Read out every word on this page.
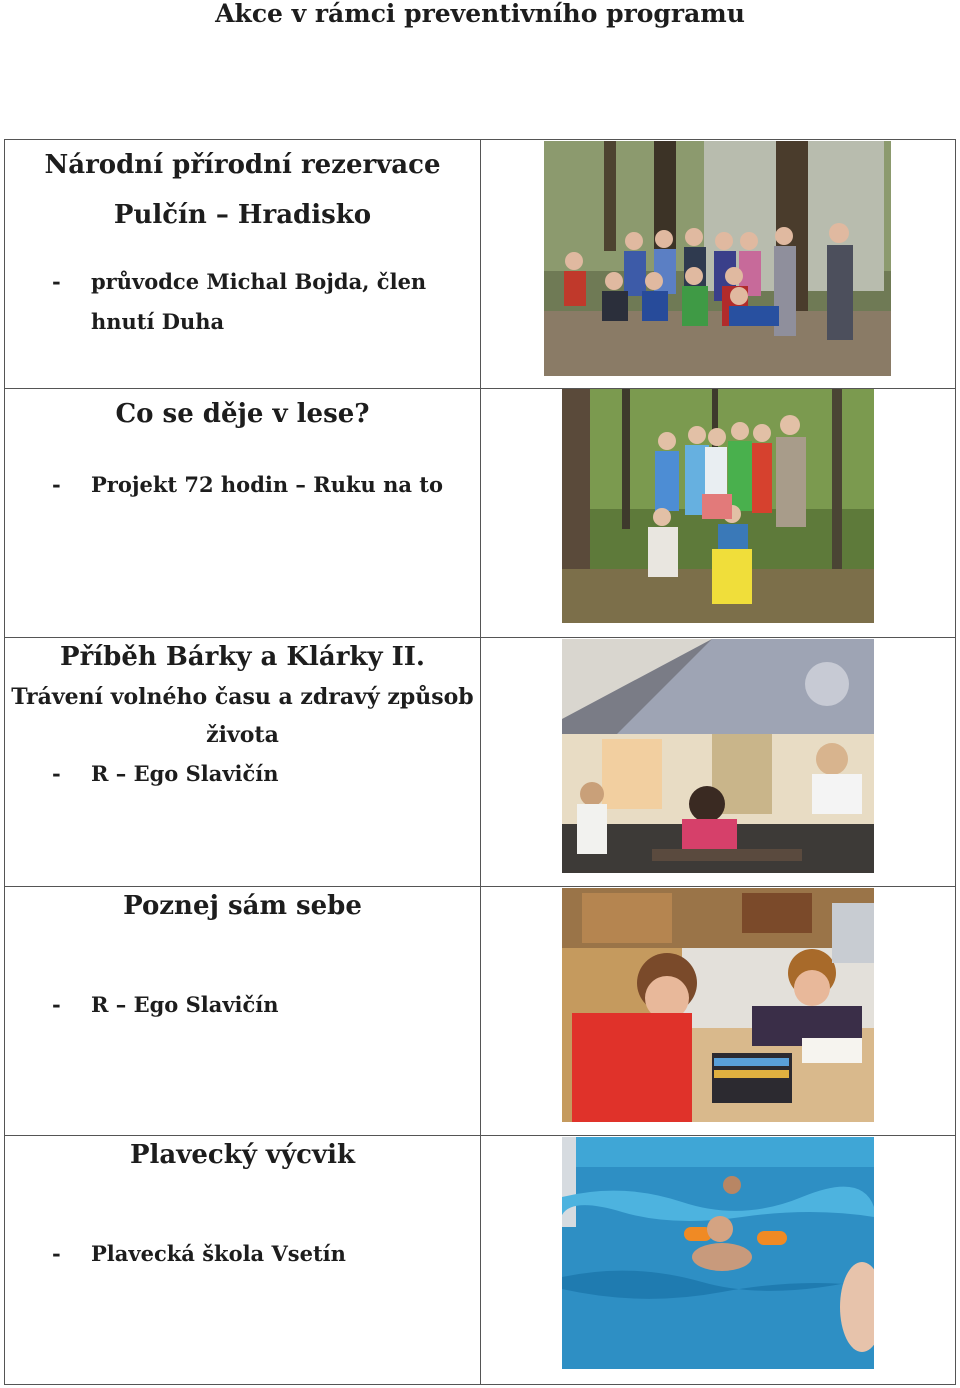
Akce v rámci preventivního programu
Národní přírodní rezervace
Pulčín – Hradisko
- průvodce Michal Bojda, člen hnutí Duha

Co se děje v lese?
- Projekt 72 hodin – Ruku na to

Příběh Bárky a Klárky II.
Trávení volného času a zdravý způsob
života
- R – Ego Slavičín

Poznej sám sebe
- R – Ego Slavičín

Plavecký výcvik
- Plavecká škola Vsetín
